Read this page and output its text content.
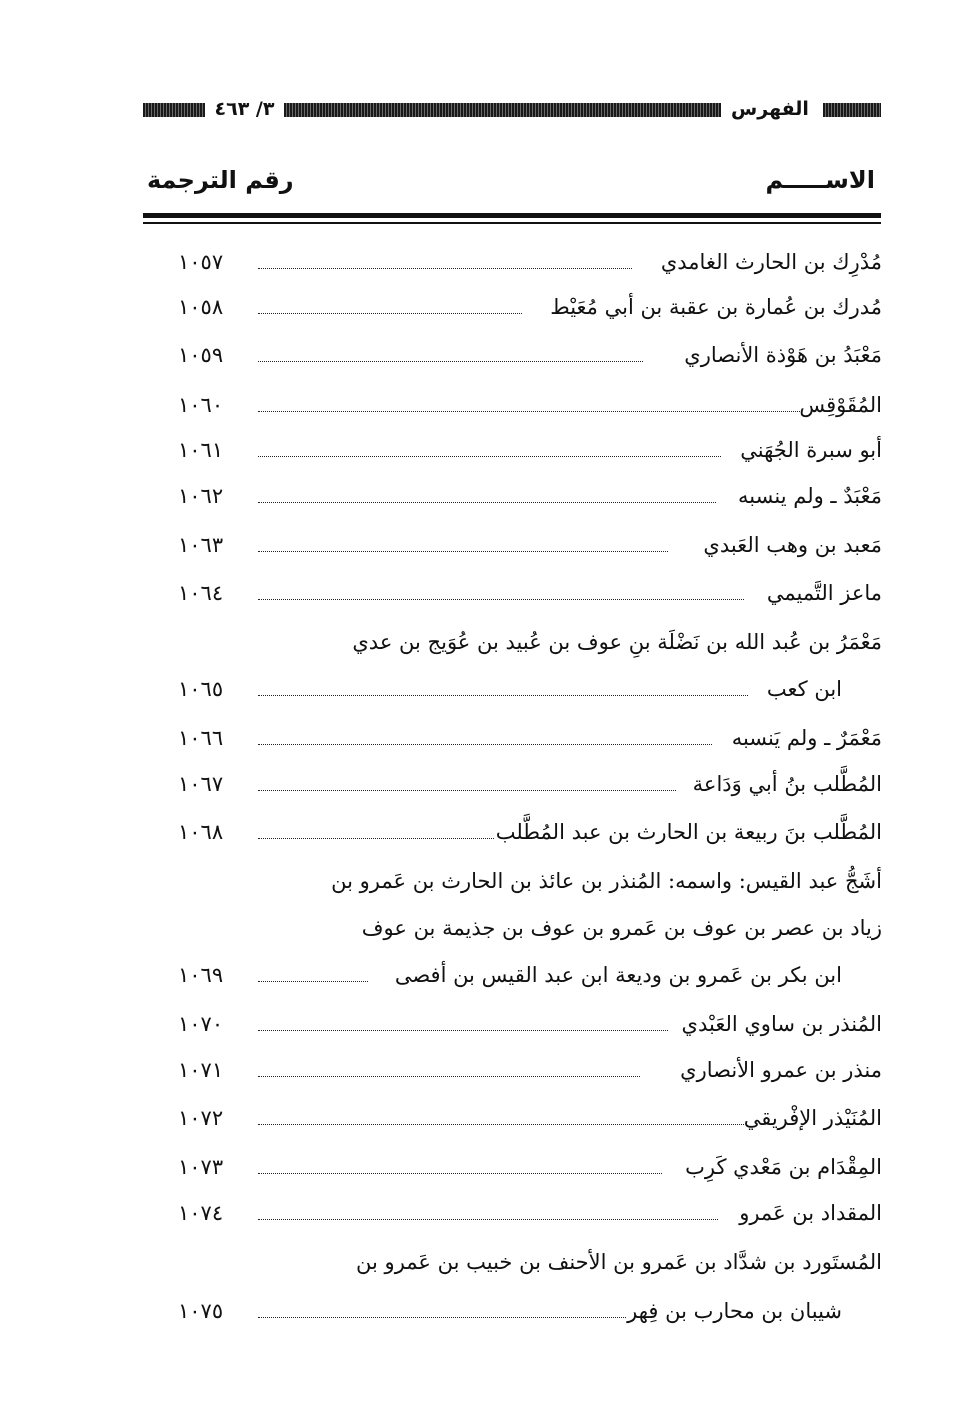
الفهرس
٣/ ٤٦٣
الاســـــم
رقم الترجمة
مُدْرِك بن الحارث الغامدي
١٠٥٧
مُدرك بن عُمارة بن عقبة بن أبي مُعَيْط
١٠٥٨
مَعْبَدُ بن هَوْذة الأنصاري
١٠٥٩
المُقَوْقِس
١٠٦٠
أبو سبرة الجُهَني
١٠٦١
مَعْبَدٌ ـ ولم ينسبه
١٠٦٢
مَعبد بن وهب العَبدي
١٠٦٣
ماعز التَّميمي
١٠٦٤
مَعْمَرُ بن عُبد الله بن نَضْلَة بنِ عوف بن عُبيد بن عُوَيج بن عدي
ابن كعب
١٠٦٥
مَعْمَرٌ ـ ولم يَنسبه
١٠٦٦
المُطَّلب بنُ أبي وَدَاعة
١٠٦٧
المُطَّلب بنَ ربيعة بن الحارث بن عبد المُطَّلب
١٠٦٨
أشَجُّ عبد القيس: واسمه: المُنذر بن عائذ بن الحارث بن عَمرو بن
زياد بن عصر بن عوف بن عَمرو بن عوف بن جذيمة بن عوف
ابن بكر بن عَمرو بن وديعة ابن عبد القيس بن أفصى
١٠٦٩
المُنذر بن ساوي العَبْدي
١٠٧٠
منذر بن عمرو الأنصاري
١٠٧١
المُنَيْذر الإفْريقي
١٠٧٢
المِقْدَام بن مَعْدي كَرِب
١٠٧٣
المقداد بن عَمرو
١٠٧٤
المُستَورد بن شدَّاد بن عَمرو بن الأحنف بن خبيب بن عَمرو بن
شيبان بن محارب بن فِهر
١٠٧٥
